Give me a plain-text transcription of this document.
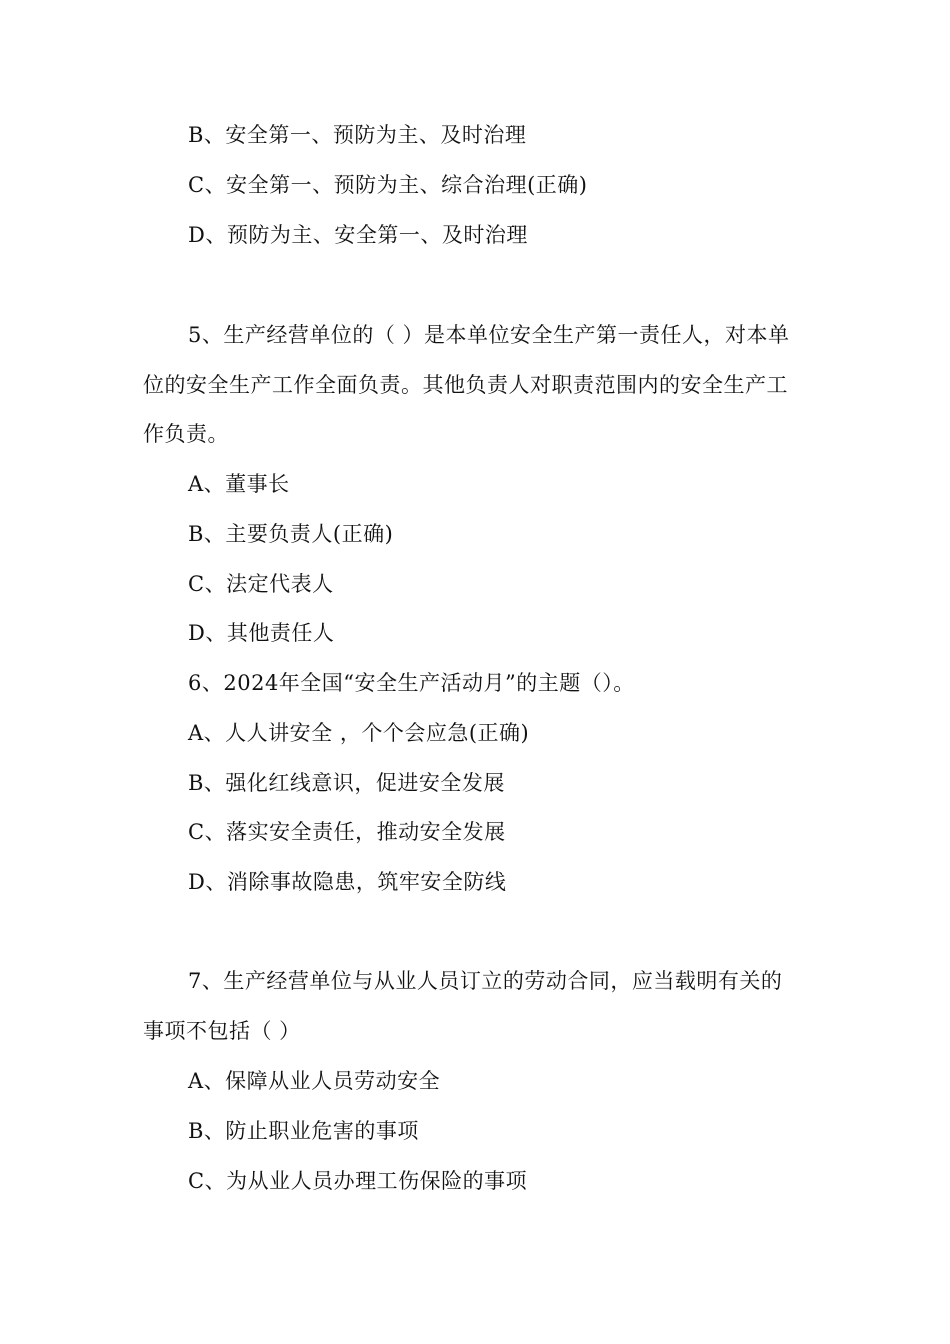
B、安全第一、预防为主、及时治理
C、安全第一、预防为主、综合治理(正确)
D、预防为主、安全第一、及时治理
5、生产经营单位的（ ）是本单位安全生产第一责任人，对本单
位的安全生产工作全面负责。其他负责人对职责范围内的安全生产工
作负责。
A、董事长
B、主要负责人(正确)
C、法定代表人
D、其他责任人
6、2024年全国“安全生产活动月”的主题（）。
A、人人讲安全 ，个个会应急(正确)
B、强化红线意识，促进安全发展
C、落实安全责任，推动安全发展
D、消除事故隐患，筑牢安全防线
7、生产经营单位与从业人员订立的劳动合同，应当载明有关的
事项不包括（ ）
A、保障从业人员劳动安全
B、防止职业危害的事项
C、为从业人员办理工伤保险的事项
